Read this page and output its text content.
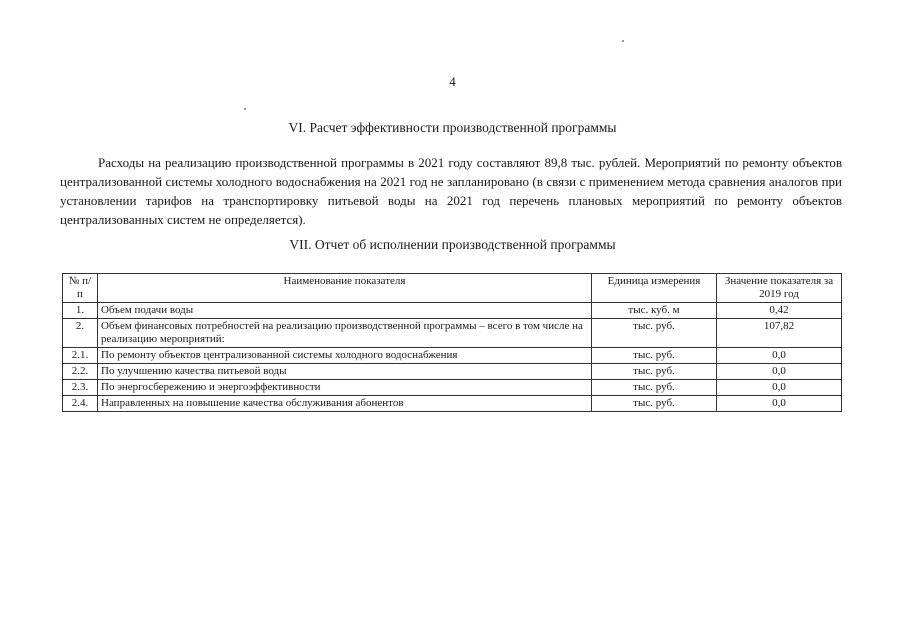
4
VI. Расчет эффективности производственной программы
Расходы на реализацию производственной программы в 2021 году составляют 89,8 тыс. рублей. Мероприятий по ремонту объектов централизованной системы холодного водоснабжения на 2021 год не запланировано (в связи с применением метода сравнения аналогов при установлении тарифов на транспортировку питьевой воды на 2021 год перечень плановых мероприятий по ремонту объектов централизованных систем не определяется).
VII. Отчет об исполнении производственной программы
№ п/п	Наименование показателя	Единица измерения	Значение показателя за 2019 год
1.	Объем подачи воды	тыс. куб. м	0,42
2.	Объем финансовых потребностей на реализацию производственной программы – всего в том числе на реализацию мероприятий:	тыс. руб.	107,82
2.1.	По ремонту объектов централизованной системы холодного водоснабжения	тыс. руб.	0,0
2.2.	По улучшению качества питьевой воды	тыс. руб.	0,0
2.3.	По энергосбережению и энергоэффективности	тыс. руб.	0,0
2.4.	Направленных на повышение качества обслуживания абонентов	тыс. руб.	0,0
